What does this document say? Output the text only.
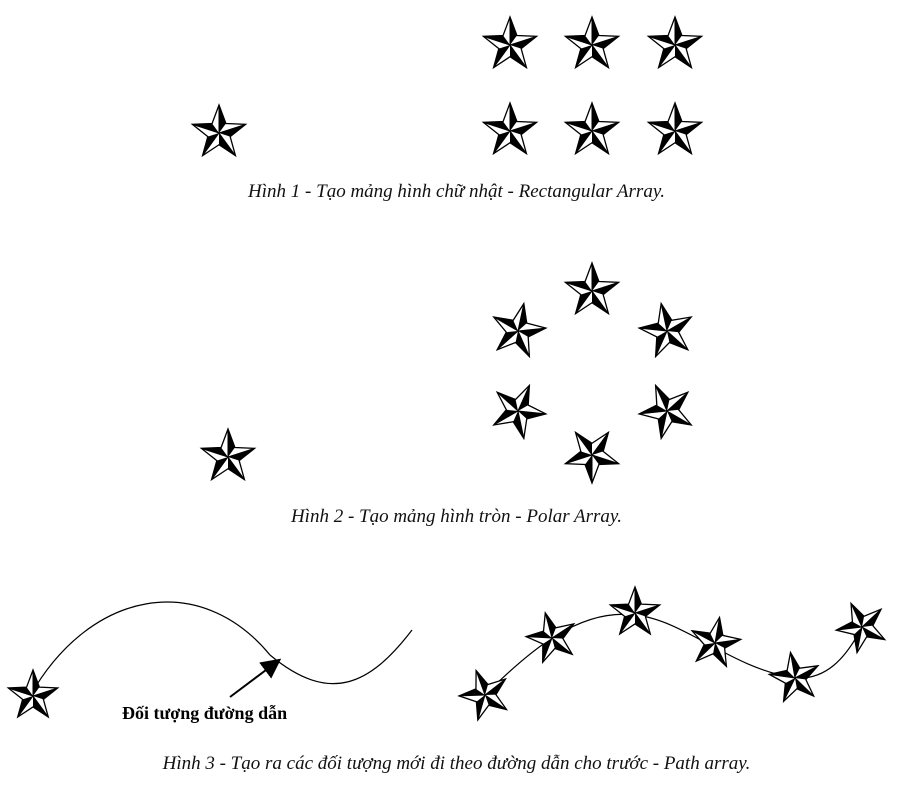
Hình 1 - Tạo mảng hình chữ nhật - Rectangular Array.
Hình 2 - Tạo mảng hình tròn - Polar Array.
Đối tượng đường dẫn
Hình 3 - Tạo ra các đối tượng mới đi theo đường dẫn cho trước - Path array.
